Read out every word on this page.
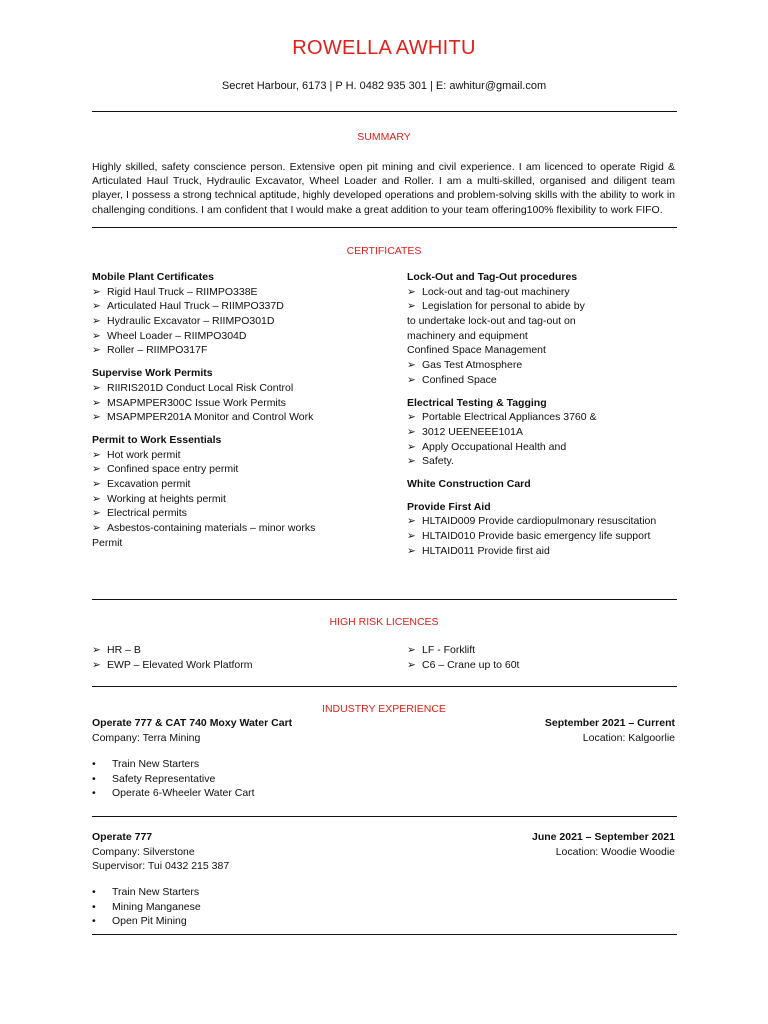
ROWELLA AWHITU
Secret Harbour, 6173 | P H. 0482 935 301 | E: awhitur@gmail.com
SUMMARY
Highly skilled, safety conscience person. Extensive open pit mining and civil experience. I am licenced to operate Rigid & Articulated Haul Truck, Hydraulic Excavator, Wheel Loader and Roller. I am a multi-skilled, organised and diligent team player, I possess a strong technical aptitude, highly developed operations and problem-solving skills with the ability to work in challenging conditions. I am confident that I would make a great addition to your team offering100% flexibility to work FIFO.
CERTIFICATES
Mobile Plant Certificates
➢ Rigid Haul Truck – RIIMPO338E
➢ Articulated Haul Truck – RIIMPO337D
➢ Hydraulic Excavator – RIIMPO301D
➢ Wheel Loader – RIIMPO304D
➢ Roller – RIIMPO317F
Supervise Work Permits
➢ RIIRIS201D Conduct Local Risk Control
➢ MSAPMPER300C Issue Work Permits
➢ MSAPMPER201A Monitor and Control Work
Permit to Work Essentials
➢ Hot work permit
➢ Confined space entry permit
➢ Excavation permit
➢ Working at heights permit
➢ Electrical permits
➢ Asbestos-containing materials – minor works
Permit
Lock-Out and Tag-Out procedures
➢ Lock-out and tag-out machinery
➢ Legislation for personal to abide by
to undertake lock-out and tag-out on
machinery and equipment
Confined Space Management
➢ Gas Test Atmosphere
➢ Confined Space
Electrical Testing & Tagging
➢ Portable Electrical Appliances 3760 &
➢ 3012 UEENEEE101A
➢ Apply Occupational Health and
➢ Safety.
White Construction Card
Provide First Aid
➢ HLTAID009 Provide cardiopulmonary resuscitation
➢ HLTAID010 Provide basic emergency life support
➢ HLTAID011 Provide first aid
HIGH RISK LICENCES
➢ HR – B
➢ EWP – Elevated Work Platform
➢ LF - Forklift
➢ C6 – Crane up to 60t
INDUSTRY EXPERIENCE
Operate 777 & CAT 740 Moxy Water Cart
Company: Terra Mining
September 2021 – Current
Location: Kalgoorlie
• Train New Starters
• Safety Representative
• Operate 6-Wheeler Water Cart
Operate 777
Company: Silverstone
Supervisor: Tui 0432 215 387
June 2021 – September 2021
Location: Woodie Woodie
• Train New Starters
• Mining Manganese
• Open Pit Mining
